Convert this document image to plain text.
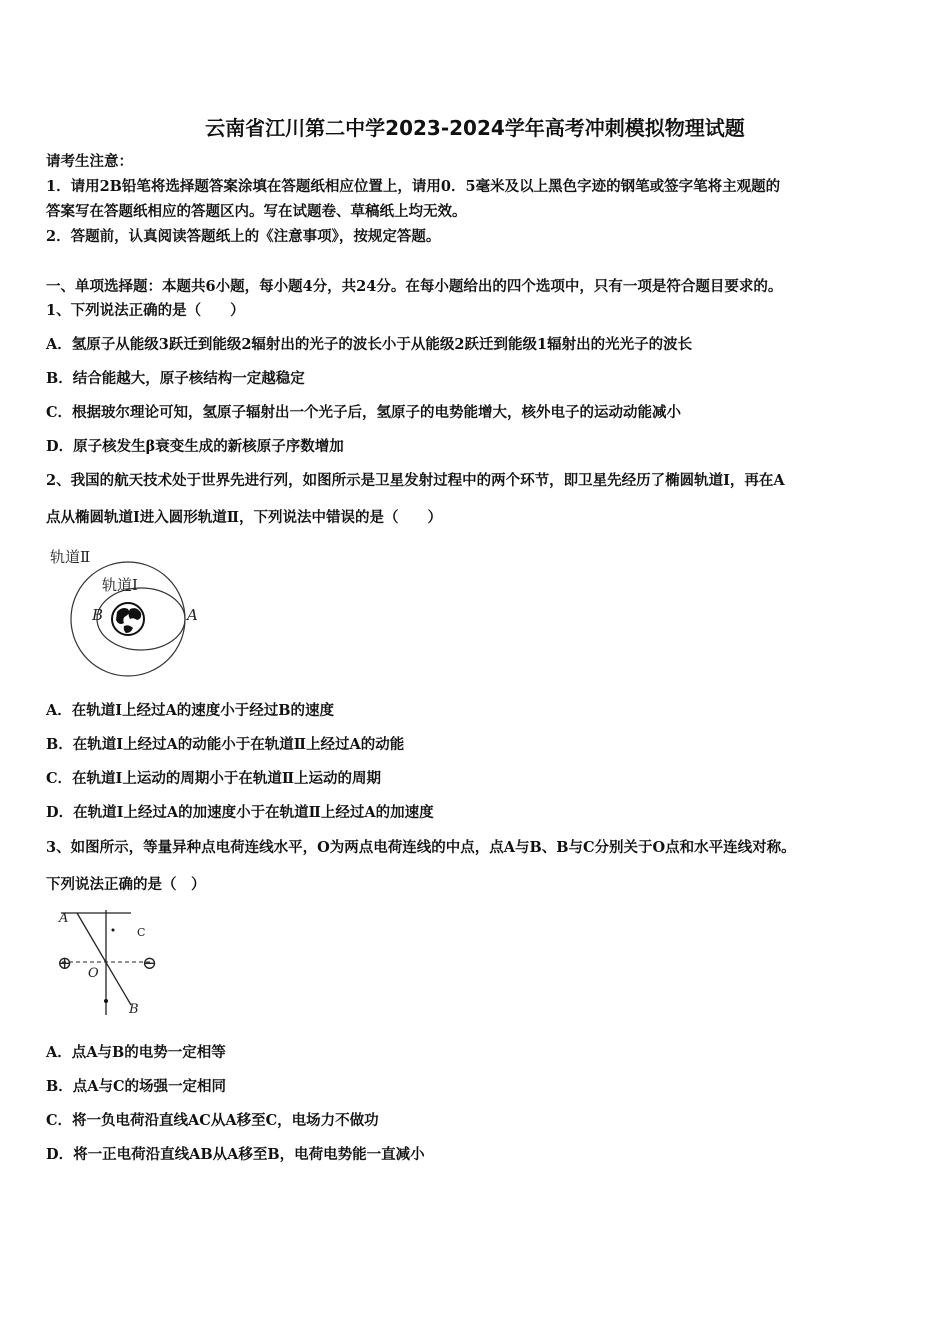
云南省江川第二中学2023-2024学年高考冲刺模拟物理试题
请考生注意：
1．请用2B铅笔将选择题答案涂填在答题纸相应位置上，请用0．5毫米及以上黑色字迹的钢笔或签字笔将主观题的
答案写在答题纸相应的答题区内。写在试题卷、草稿纸上均无效。
2．答题前，认真阅读答题纸上的《注意事项》，按规定答题。
一、单项选择题：本题共6小题，每小题4分，共24分。在每小题给出的四个选项中，只有一项是符合题目要求的。
1、下列说法正确的是（　　）
A．氢原子从能级3跃迁到能级2辐射出的光子的波长小于从能级2跃迁到能级1辐射出的光光子的波长
B．结合能越大，原子核结构一定越稳定
C．根据玻尔理论可知，氢原子辐射出一个光子后，氢原子的电势能增大，核外电子的运动动能减小
D．原子核发生β衰变生成的新核原子序数增加
2、我国的航天技术处于世界先进行列，如图所示是卫星发射过程中的两个环节，即卫星先经历了椭圆轨道Ⅰ，再在A
点从椭圆轨道Ⅰ进入圆形轨道Ⅱ，下列说法中错误的是（　　）
轨道Ⅱ
轨道Ⅰ
B	A
A．在轨道Ⅰ上经过A的速度小于经过B的速度
B．在轨道Ⅰ上经过A的动能小于在轨道Ⅱ上经过A的动能
C．在轨道Ⅰ上运动的周期小于在轨道Ⅱ上运动的周期
D．在轨道Ⅰ上经过A的加速度小于在轨道Ⅱ上经过A的加速度
3、如图所示，等量异种点电荷连线水平，O为两点电荷连线的中点，点A与B、B与C分别关于O点和水平连线对称。
下列说法正确的是（　）
⊕	⊖
A
C
O
B
A．点A与B的电势一定相等
B．点A与C的场强一定相同
C．将一负电荷沿直线AC从A移至C，电场力不做功
D．将一正电荷沿直线AB从A移至B，电荷电势能一直减小
